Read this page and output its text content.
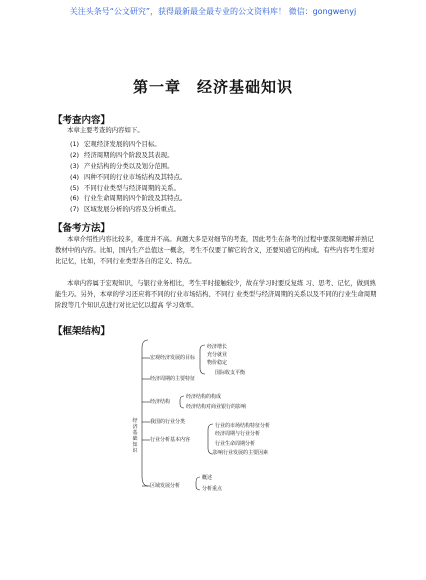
关注头条号“公文研究”，获得最新最全最专业的公文资料库！ 微信：gongwenyj
第一章　经济基础知识
【考查内容】
本章主要考查的内容如下。
(1) 宏观经济发展的四个目标。
(2) 经济周期的四个阶段及其表现。
(3) 产业结构的分类以及划分范围。
(4) 四种不同的行业市场结构及其特点。
(5) 不同行业类型与经济周期的关系。
(6) 行业生命周期的四个阶段及其特点。
(7) 区域发展分析的内容及分析重点。
【备考方法】
本章介绍性内容比较多，难度并不高。真题大多是对细节的考查，因此考生在备考的过程中要深刻理解并熟记教材中的内容。比如，国内生产总值这一概念，考生不仅要了解它的含义，还要知道它的构成。有些内容考生需对比记忆，比如，不同行业类型各自的定义、特点。
本章内容属于宏观知识，与银行业务相比，考生平时接触较少，故在学习时要反复练 习、思考、记忆，做到熟能生巧。另外，本章的学习还应将不同的行业市场结构、不同行 业类型与经济周期的关系以及不同的行业生命周期阶段等几个知识点进行对比记忆以提高 学习效率。
【框架结构】
经济基础知识
宏观经济发展的目标
经济周期的主要特征
经济结构
我国的行业分类
行业分析基本内容
区域发展分析
经济增长
充分就业
物价稳定
国际收支平衡
经济结构的构成
经济结构对商业银行的影响
行业的市场结构特征分析
经济周期与行业分析
行业生命周期分析
影响行业发展的主要因素
概述
分析重点
